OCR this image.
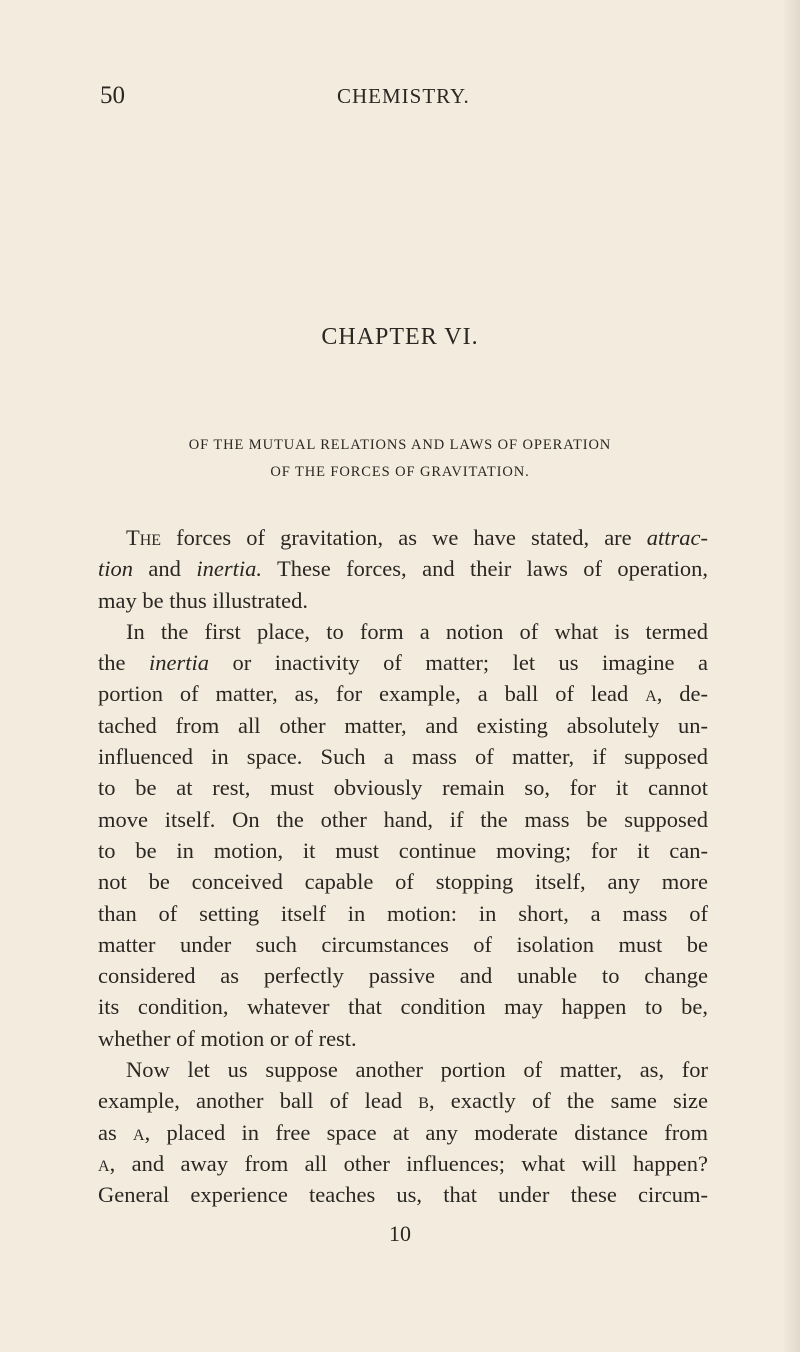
50	CHEMISTRY.
CHAPTER VI.
OF THE MUTUAL RELATIONS AND LAWS OF OPERATION
OF THE FORCES OF GRAVITATION.
The forces of gravitation, as we have stated, are attrac-
tion and inertia. These forces, and their laws of operation,
may be thus illustrated.
In the first place, to form a notion of what is termed
the inertia or inactivity of matter; let us imagine a
portion of matter, as, for example, a ball of lead a, de-
tached from all other matter, and existing absolutely un-
influenced in space. Such a mass of matter, if supposed
to be at rest, must obviously remain so, for it cannot
move itself. On the other hand, if the mass be supposed
to be in motion, it must continue moving; for it can-
not be conceived capable of stopping itself, any more
than of setting itself in motion: in short, a mass of
matter under such circumstances of isolation must be
considered as perfectly passive and unable to change
its condition, whatever that condition may happen to be,
whether of motion or of rest.
Now let us suppose another portion of matter, as, for
example, another ball of lead b, exactly of the same size
as a, placed in free space at any moderate distance from
a, and away from all other influences; what will happen?
General experience teaches us, that under these circum-
10
